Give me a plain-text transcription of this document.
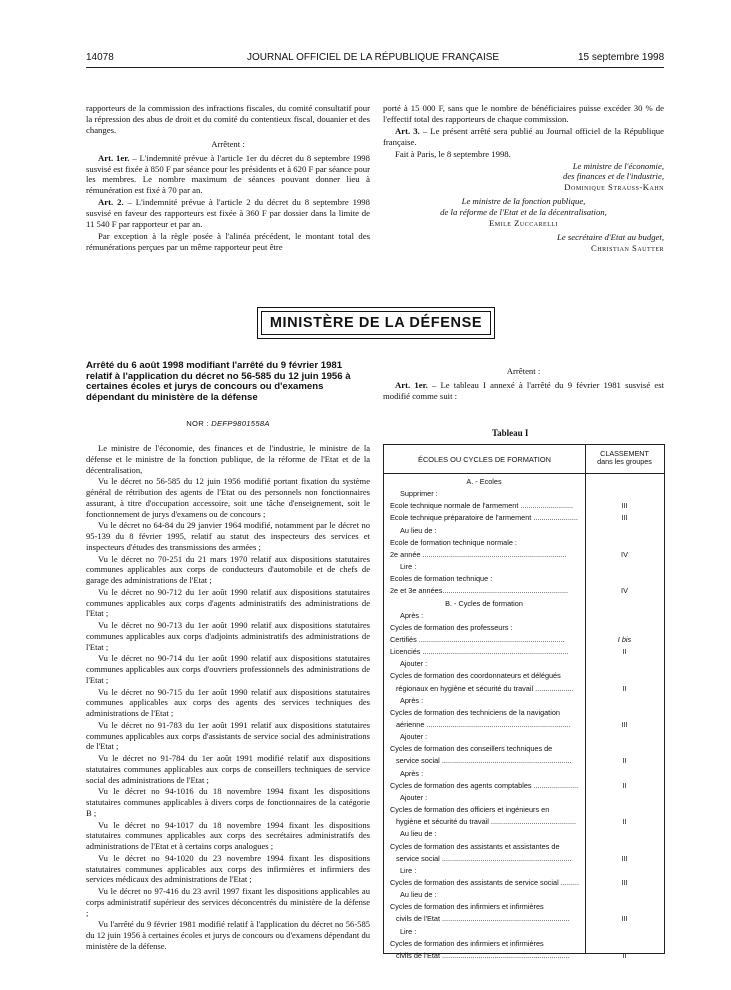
14078	JOURNAL OFFICIEL DE LA RÉPUBLIQUE FRANÇAISE	15 septembre 1998

rapporteurs de la commission des infractions fiscales, du comité consultatif pour la répression des abus de droit et du comité du contentieux fiscal, douanier et des changes.

Arrêtent :

Art. 1er. – L'indemnité prévue à l'article 1er du décret du 8 septembre 1998 susvisé est fixée à 850 F par séance pour les présidents et à 620 F par séance pour les membres. Le nombre maximum de séances pouvant donner lieu à rémunération est fixé à 70 par an.

Art. 2. – L'indemnité prévue à l'article 2 du décret du 8 septembre 1998 susvisé en faveur des rapporteurs est fixée à 360 F par dossier dans la limite de 11 540 F par rapporteur et par an.

Par exception à la règle posée à l'alinéa précédent, le montant total des rémunérations perçues par un même rapporteur peut être

porté à 15 000 F, sans que le nombre de bénéficiaires puisse excéder 30 % de l'effectif total des rapporteurs de chaque commission.

Art. 3. – Le présent arrêté sera publié au Journal officiel de la République française.

Fait à Paris, le 8 septembre 1998.

Le ministre de l'économie,

des finances et de l'industrie,

Dominique Strauss-Kahn

Le ministre de la fonction publique,

de la réforme de l'Etat et de la décentralisation,

Emile Zuccarelli

Le secrétaire d'Etat au budget,

Christian Sautter

MINISTÈRE DE LA DÉFENSE
Arrêté du 6 août 1998 modifiant l'arrêté du 9 février 1981 relatif à l'application du décret no 56-585 du 12 juin 1956 à certaines écoles et jurys de concours ou d'examens dépendant du ministère de la défense
NOR : DEFP9801558A

Le ministre de l'économie, des finances et de l'industrie, le ministre de la défense et le ministre de la fonction publique, de la réforme de l'Etat et de la décentralisation,

Vu le décret no 56-585 du 12 juin 1956 modifié portant fixation du système général de rétribution des agents de l'Etat ou des personnels non fonctionnaires assurant, à titre d'occupation accessoire, soit une tâche d'enseignement, soit le fonctionnement de jurys d'examens ou de concours ;

Vu le décret no 64-84 du 29 janvier 1964 modifié, notamment par le décret no 95-139 du 8 février 1995, relatif au statut des inspecteurs des services et inspecteurs d'études des transmissions des armées ;

Vu le décret no 70-251 du 21 mars 1970 relatif aux dispositions statutaires communes applicables aux corps de conducteurs d'automobile et de chefs de garage des administrations de l'Etat ;

Vu le décret no 90-712 du 1er août 1990 relatif aux dispositions statutaires communes applicables aux corps d'agents administratifs des administrations de l'Etat ;

Vu le décret no 90-713 du 1er août 1990 relatif aux dispositions statutaires communes applicables aux corps d'adjoints administratifs des administrations de l'Etat ;

Vu le décret no 90-714 du 1er août 1990 relatif aux dispositions statutaires communes applicables aux corps d'ouvriers professionnels des administrations de l'Etat ;

Vu le décret no 90-715 du 1er août 1990 relatif aux dispositions statutaires communes applicables aux corps des agents des services techniques des administrations de l'Etat ;

Vu le décret no 91-783 du 1er août 1991 relatif aux dispositions statutaires communes applicables aux corps d'assistants de service social des administrations de l'Etat ;

Vu le décret no 91-784 du 1er août 1991 modifié relatif aux dispositions statutaires communes applicables aux corps de conseillers techniques de service social des administrations de l'Etat ;

Vu le décret no 94-1016 du 18 novembre 1994 fixant les dispositions statutaires communes applicables à divers corps de fonctionnaires de la catégorie B ;

Vu le décret no 94-1017 du 18 novembre 1994 fixant les dispositions statutaires communes applicables aux corps des secrétaires administratifs des administrations de l'Etat et à certains corps analogues ;

Vu le décret no 94-1020 du 23 novembre 1994 fixant les dispositions statutaires communes applicables aux corps des infirmières et infirmiers des services médicaux des administrations de l'Etat ;

Vu le décret no 97-416 du 23 avril 1997 fixant les dispositions applicables au corps administratif supérieur des services déconcentrés du ministère de la défense ;

Vu l'arrêté du 9 février 1981 modifié relatif à l'application du décret no 56-585 du 12 juin 1956 à certaines écoles et jurys de concours ou d'examens dépendant du ministère de la défense.

Arrêtent :

Art. 1er. – Le tableau I annexé à l'arrêté du 9 février 1981 susvisé est modifié comme suit :

Tableau I
ÉCOLES OU CYCLES DE FORMATION
CLASSEMENT
dans les groupes
A. - Ecoles
Supprimer :
Ecole technique normale de l'armement ..........................	III
Ecole technique préparatoire de l'armement ......................	III
Au lieu de :
Ecole de formation technique normale :
2e année .......................................................................	IV
Lire :
Ecoles de formation technique :
2e et 3e années..............................................................	IV
B. - Cycles de formation
Après :
Cycles de formation des professeurs :
Certifiés ........................................................................	I bis
Licenciés ........................................................................	II
Ajouter :
Cycles de formation des coordonnateurs et délégués
régionaux en hygiène et sécurité du travail ...................	II
Après :
Cycles de formation des techniciens de la navigation
aérienne .......................................................................	III
Ajouter :
Cycles de formation des conseillers techniques de
service social ................................................................	II
Après :
Cycles de formation des agents comptables ......................	II
Ajouter :
Cycles de formation des officiers et ingénieurs en
hygiène et sécurité du travail ..........................................	II
Au lieu de :
Cycles de formation des assistants et assistantes de
service social ................................................................	III
Lire :
Cycles de formation des assistants de service social .........	III
Au lieu de :
Cycles de formation des infirmiers et infirmières
civils de l'Etat ...............................................................	III
Lire :
Cycles de formation des infirmiers et infirmières
civils de l'Etat ...............................................................	II
